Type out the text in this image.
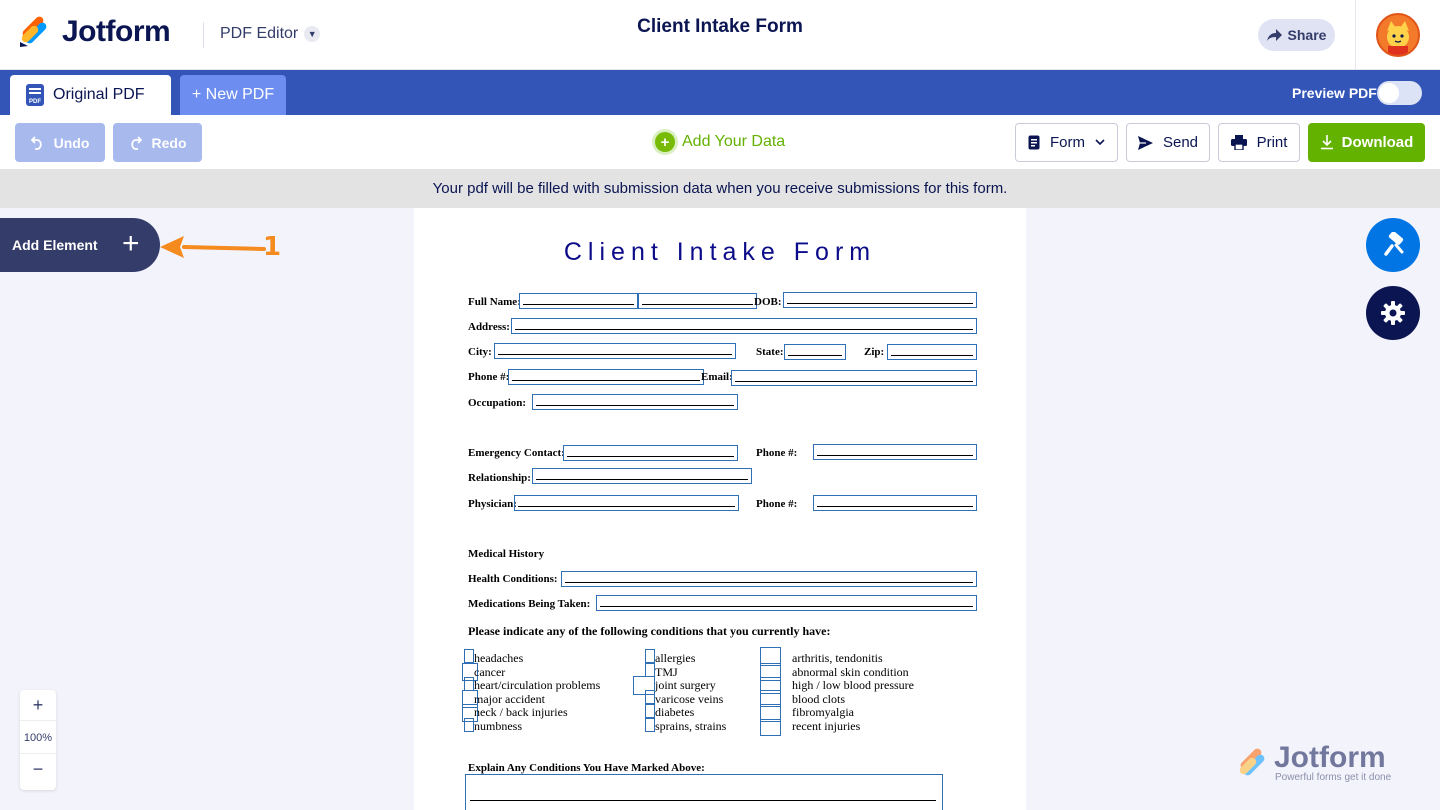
Jotform	PDF Editor	▼	Client Intake Form	Share
PDF Original PDF	+ New PDF	Preview PDF
Undo	Redo	+ Add Your Data	Form	Send	Print	Download
Your pdf will be filled with submission data when you receive submissions for this form.
Add Element +	1
+
100%
−	Jotform
Powerful forms get it done
Client Intake Form
Full Name:	DOB:
Address:
City:	State:	Zip:
Phone #:	Email:
Occupation:
Emergency Contact:	Phone #:
Relationship:
Physician:	Phone #:
Medical History
Health Conditions:
Medications Being Taken:
Please indicate any of the following conditions that you currently have:
headaches
cancer
heart/circulation problems
major accident
neck / back injuries
numbness
allergies
TMJ
joint surgery
varicose veins
diabetes
sprains, strains
arthritis, tendonitis
abnormal skin condition
high / low blood pressure
blood clots
fibromyalgia
recent injuries
Explain Any Conditions You Have Marked Above:
